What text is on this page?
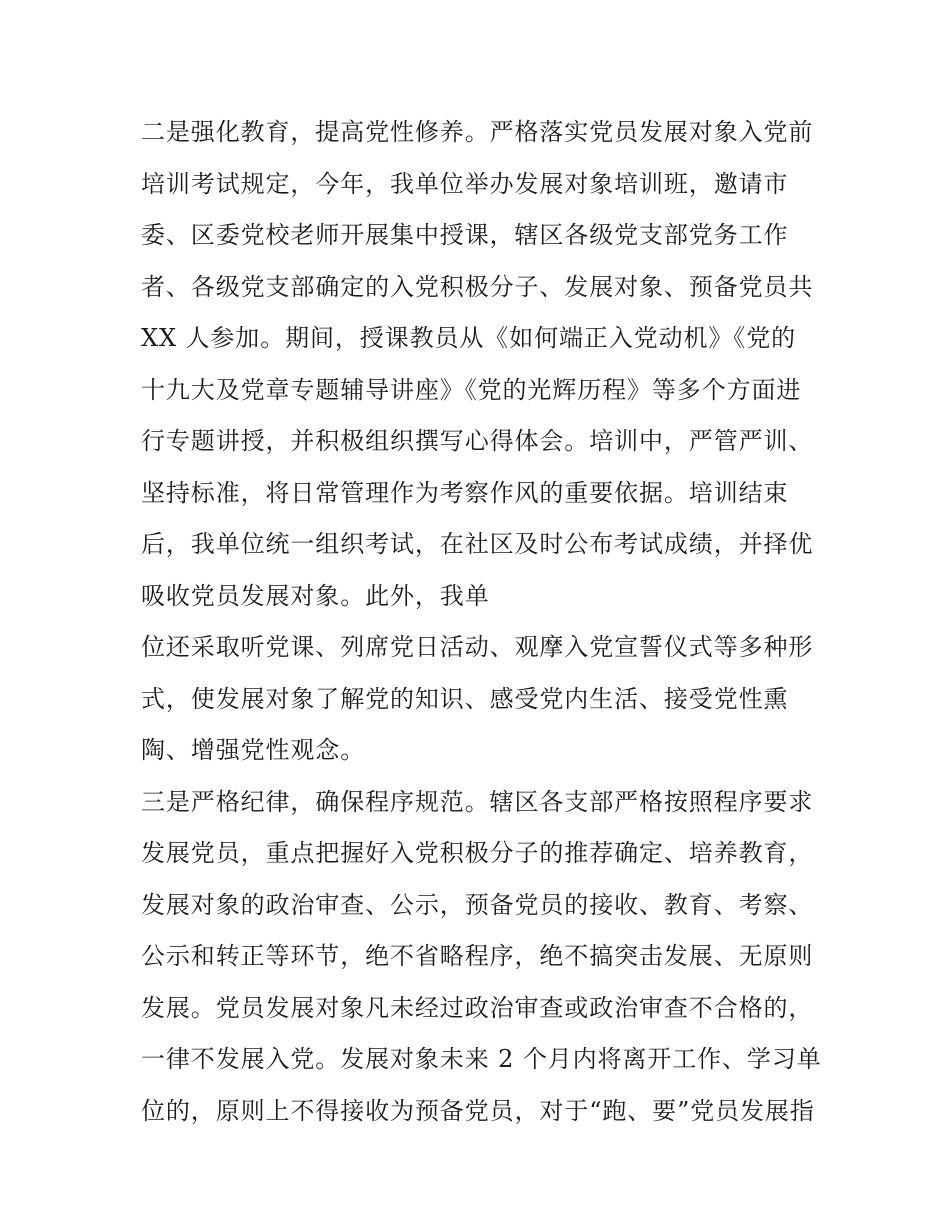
二是强化教育，提高党性修养。严格落实党员发展对象入党前
培训考试规定，今年，我单位举办发展对象培训班，邀请市
委、区委党校老师开展集中授课，辖区各级党支部党务工作
者、各级党支部确定的入党积极分子、发展对象、预备党员共
XX 人参加。期间，授课教员从《如何端正入党动机》《党的
十九大及党章专题辅导讲座》《党的光辉历程》等多个方面进
行专题讲授，并积极组织撰写心得体会。培训中，严管严训、
坚持标准，将日常管理作为考察作风的重要依据。培训结束
后，我单位统一组织考试，在社区及时公布考试成绩，并择优
吸收党员发展对象。此外，我单
位还采取听党课、列席党日活动、观摩入党宣誓仪式等多种形
式，使发展对象了解党的知识、感受党内生活、接受党性熏
陶、增强党性观念。
三是严格纪律，确保程序规范。辖区各支部严格按照程序要求
发展党员，重点把握好入党积极分子的推荐确定、培养教育，
发展对象的政治审查、公示，预备党员的接收、教育、考察、
公示和转正等环节，绝不省略程序，绝不搞突击发展、无原则
发展。党员发展对象凡未经过政治审查或政治审查不合格的，
一律不发展入党。发展对象未来 2 个月内将离开工作、学习单
位的，原则上不得接收为预备党员，对于“跑、要”党员发展指
